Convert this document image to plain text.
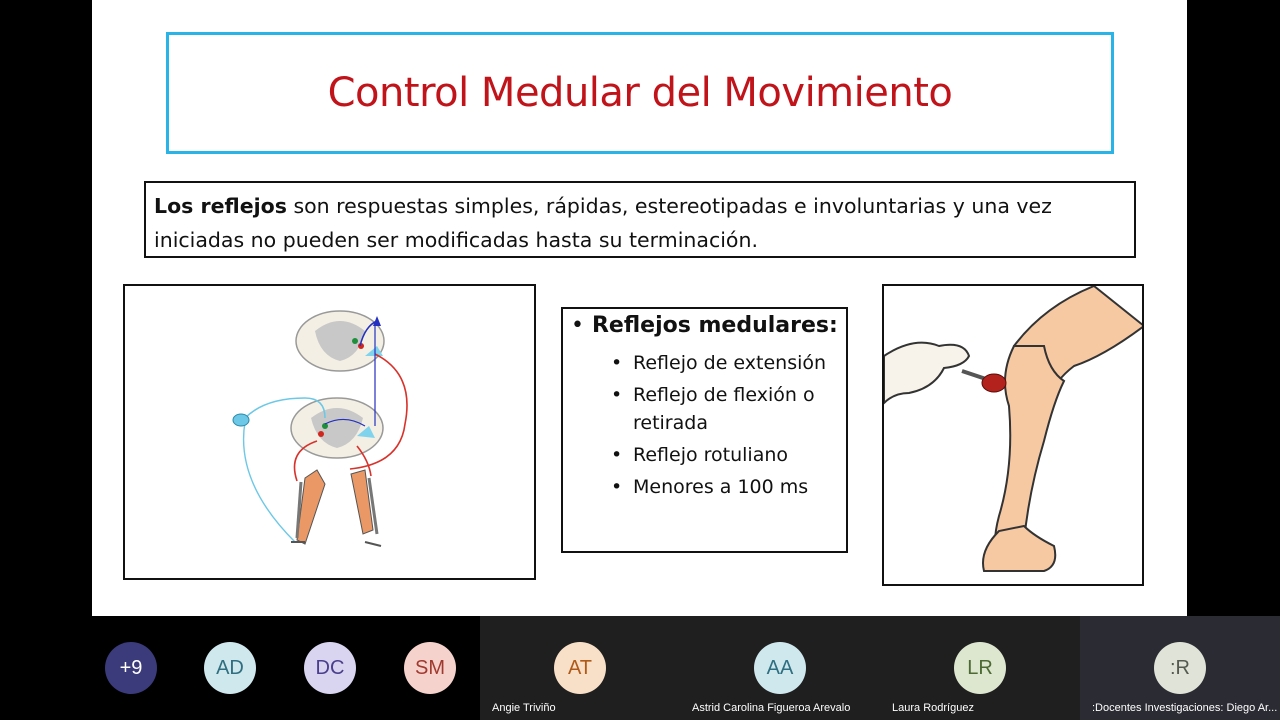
Control Medular del Movimiento
Los reflejos son respuestas simples, rápidas, estereotipadas e involuntarias y una vez iniciadas no pueden ser modificadas hasta su terminación.
• Reflejos medulares:
• Reflejo de extensión
• Reflejo de flexión o retirada
• Reflejo rotuliano
• Menores a 100 ms
+9	AD	DC	SM	AT
Angie Triviño
AA
Astrid Carolina Figueroa Arevalo
LR
Laura Rodríguez
:R
:Docentes Investigaciones: Diego Ar...
